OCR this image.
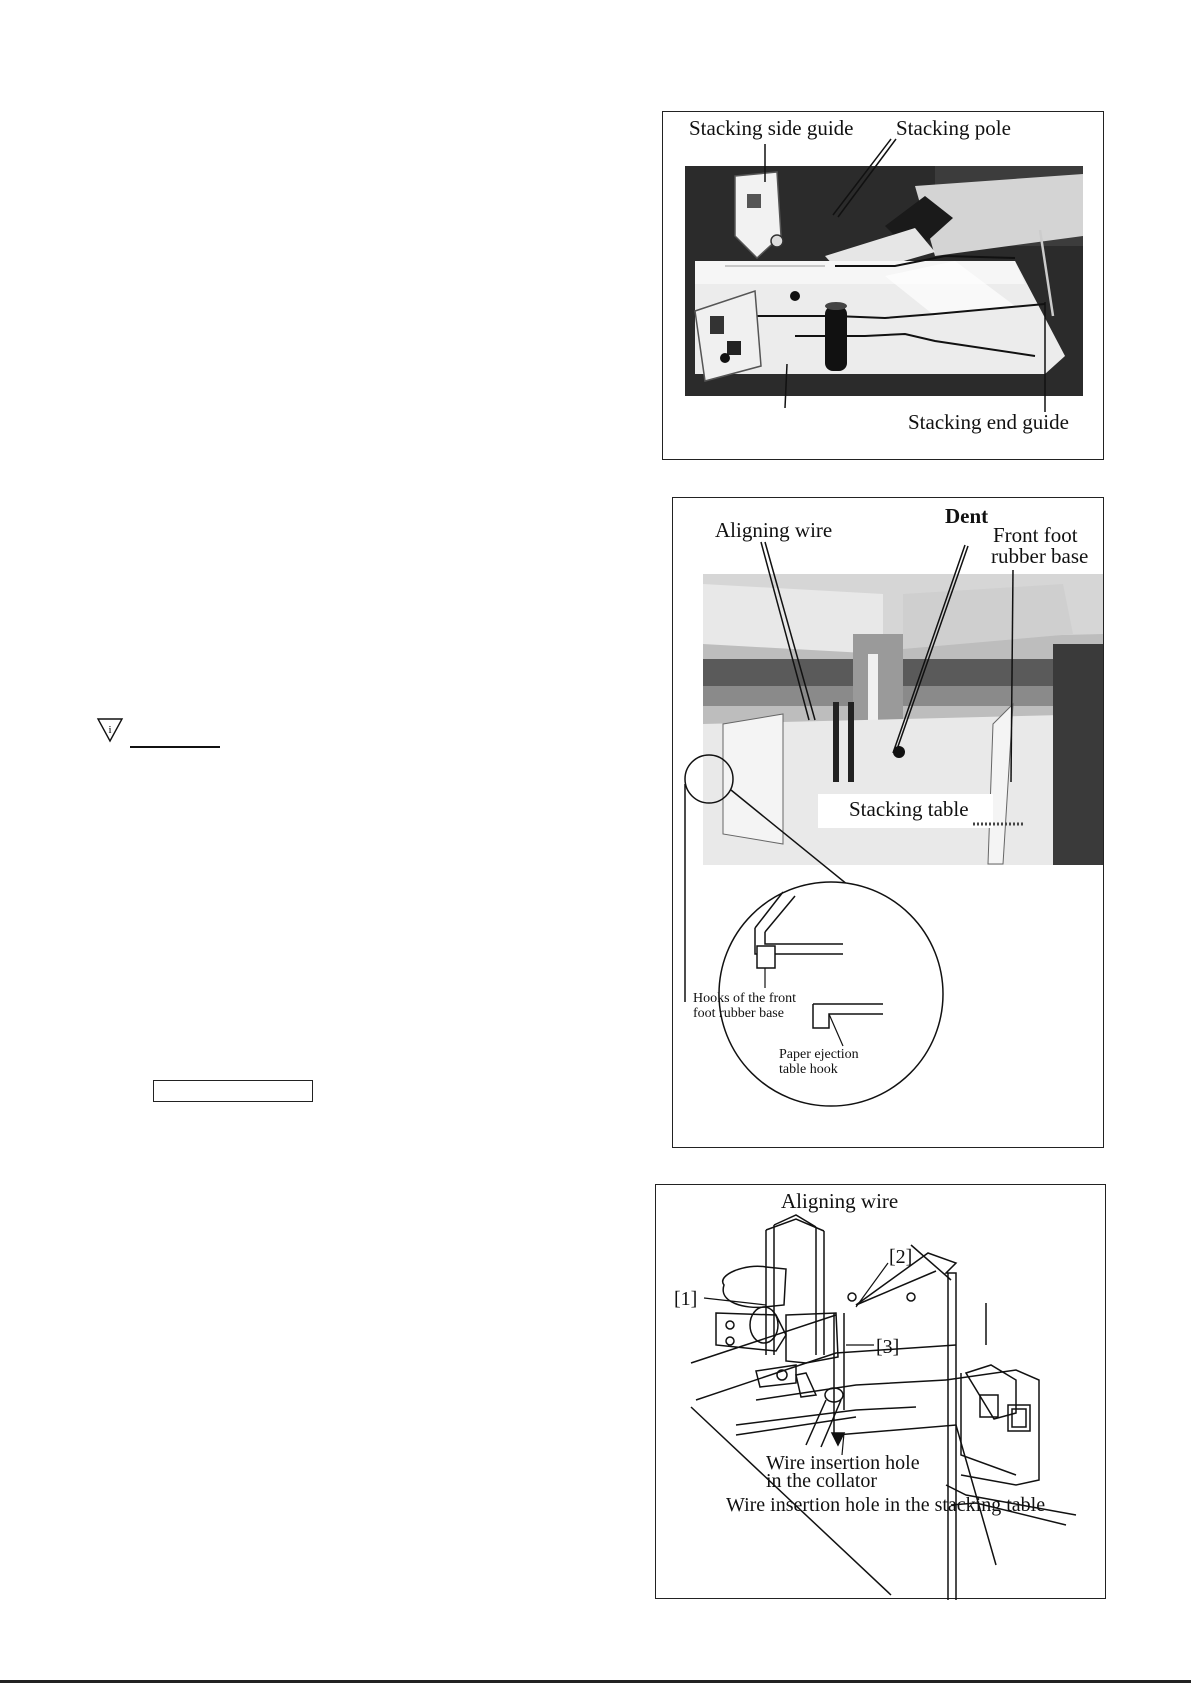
Stacking side guide Stacking pole
Stacking end guide
i
Dent
Aligning wire	Front foot
rubber base
Stacking table
Hooks of the front
foot rubber base
Paper ejection
table hook
Aligning wire
[2]
[1]
[3]
Wire insertion hole
in the collator
Wire insertion hole in the stacking table
